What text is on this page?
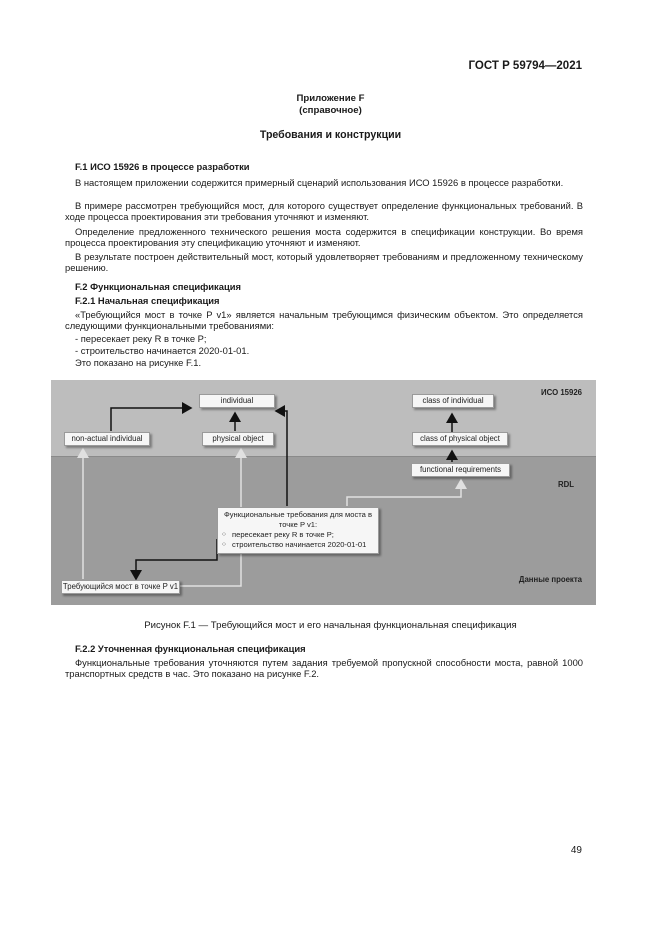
ГОСТ Р 59794—2021
Приложение F
(справочное)
Требования и конструкции
F.1 ИСО 15926 в процессе разработки
В настоящем приложении содержится примерный сценарий использования ИСО 15926 в процессе разработки.
В примере рассмотрен требующийся мост, для которого существует определение функциональных требований. В ходе процесса проектирования эти требования уточняют и изменяют.
Определение предложенного технического решения моста содержится в спецификации конструкции. Во время процесса проектирования эту спецификацию уточняют и изменяют.
В результате построен действительный мост, который удовлетворяет требованиям и предложенному техническому решению.
F.2 Функциональная спецификация
F.2.1 Начальная спецификация
«Требующийся мост в точке P v1» является начальным требующимся физическим объектом. Это определяется следующими функциональными требованиями:
- пересекает реку R в точке P;
- строительство начинается 2020-01-01.
Это показано на рисунке F.1.
individual	class of individual
non-actual individual	physical object	class of physical object
functional requirements
Функциональные требования для моста в точке P v1:
○ пересекает реку R в точке P;
○ строительство начинается 2020-01-01
Требующийся мост в точке P v1
ИСО 15926
RDL
Данные проекта
Рисунок F.1 — Требующийся мост и его начальная функциональная спецификация
F.2.2 Уточненная функциональная спецификация
Функциональные требования уточняются путем задания требуемой пропускной способности моста, равной 1000 транспортных средств в час. Это показано на рисунке F.2.
49
